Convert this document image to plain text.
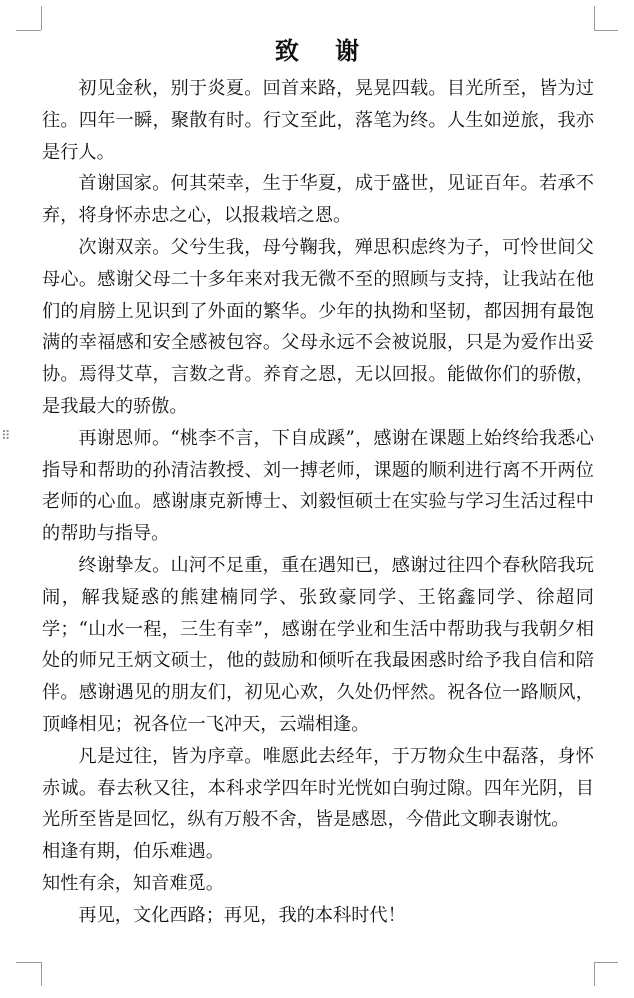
⠿
致 谢

初见金秋，别于炎夏。回首来路，晃晃四载。目光所至，皆为过往。四年一瞬，聚散有时。行文至此，落笔为终。人生如逆旅，我亦是行人。

首谢国家。何其荣幸，生于华夏，成于盛世，见证百年。若承不弃，将身怀赤忠之心，以报栽培之恩。

次谢双亲。父兮生我，母兮鞠我，殚思积虑终为子，可怜世间父母心。感谢父母二十多年来对我无微不至的照顾与支持，让我站在他们的肩膀上见识到了外面的繁华。少年的执拗和坚韧，都因拥有最饱满的幸福感和安全感被包容。父母永远不会被说服，只是为爱作出妥协。焉得艾草，言数之背。养育之恩，无以回报。能做你们的骄傲，是我最大的骄傲。

再谢恩师。“桃李不言，下自成蹊”，感谢在课题上始终给我悉心指导和帮助的孙清洁教授、刘一搏老师，课题的顺利进行离不开两位老师的心血。感谢康克新博士、刘毅恒硕士在实验与学习生活过程中的帮助与指导。

终谢挚友。山河不足重，重在遇知已，感谢过往四个春秋陪我玩闹，解我疑惑的熊建楠同学、张致豪同学、王铭鑫同学、徐超同学；“山水一程，三生有幸”，感谢在学业和生活中帮助我与我朝夕相处的师兄王炳文硕士，他的鼓励和倾听在我最困惑时给予我自信和陪伴。感谢遇见的朋友们，初见心欢，久处仍怦然。祝各位一路顺风，顶峰相见；祝各位一飞冲天，云端相逢。

凡是过往，皆为序章。唯愿此去经年，于万物众生中磊落，身怀赤诚。春去秋又往，本科求学四年时光恍如白驹过隙。四年光阴，目光所至皆是回忆，纵有万般不舍，皆是感恩，今借此文聊表谢忱。

相逢有期，伯乐难遇。

知性有余，知音难觅。

再见，文化西路；再见，我的本科时代！
